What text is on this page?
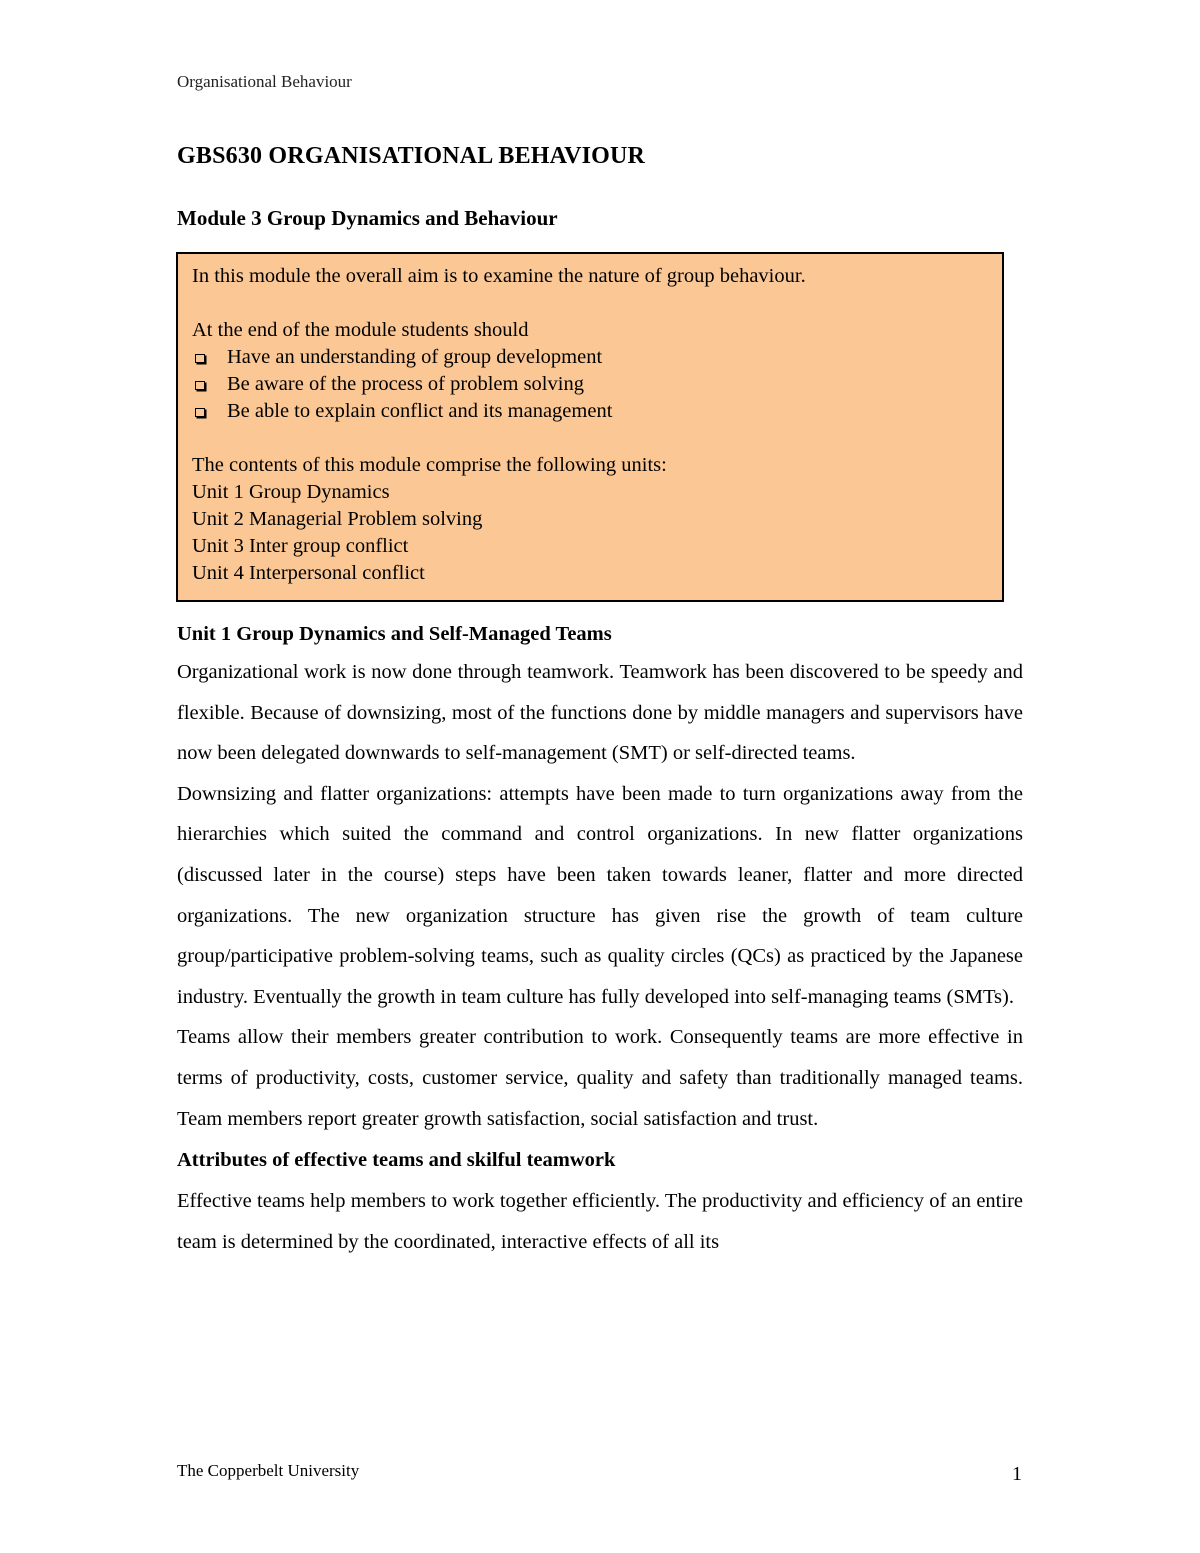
Organisational Behaviour
GBS630 ORGANISATIONAL BEHAVIOUR
Module 3 Group Dynamics and Behaviour

In this module the overall aim is to examine the nature of group behaviour.

At the end of the module students should

Have an understanding of group development
Be aware of the process of problem solving
Be able to explain conflict and its management

The contents of this module comprise the following units:

Unit 1 Group Dynamics
Unit 2 Managerial Problem solving
Unit 3 Inter group conflict
Unit 4 Interpersonal conflict
Unit 1 Group Dynamics and Self-Managed Teams

Organizational work is now done through teamwork. Teamwork has been discovered to be speedy and flexible. Because of downsizing, most of the functions done by middle managers and supervisors have now been delegated downwards to self-management (SMT) or self-directed teams.

Downsizing and flatter organizations: attempts have been made to turn organizations away from the hierarchies which suited the command and control organizations. In new flatter organizations (discussed later in the course) steps have been taken towards leaner, flatter and more directed organizations. The new organization structure has given rise the growth of team culture group/participative problem-solving teams, such as quality circles (QCs) as practiced by the Japanese industry. Eventually the growth in team culture has fully developed into self-managing teams (SMTs).

Teams allow their members greater contribution to work. Consequently teams are more effective in terms of productivity, costs, customer service, quality and safety than traditionally managed teams. Team members report greater growth satisfaction, social satisfaction and trust.

Attributes of effective teams and skilful teamwork

Effective teams help members to work together efficiently. The productivity and efficiency of an entire team is determined by the coordinated, interactive effects of all its

The Copperbelt University	1
